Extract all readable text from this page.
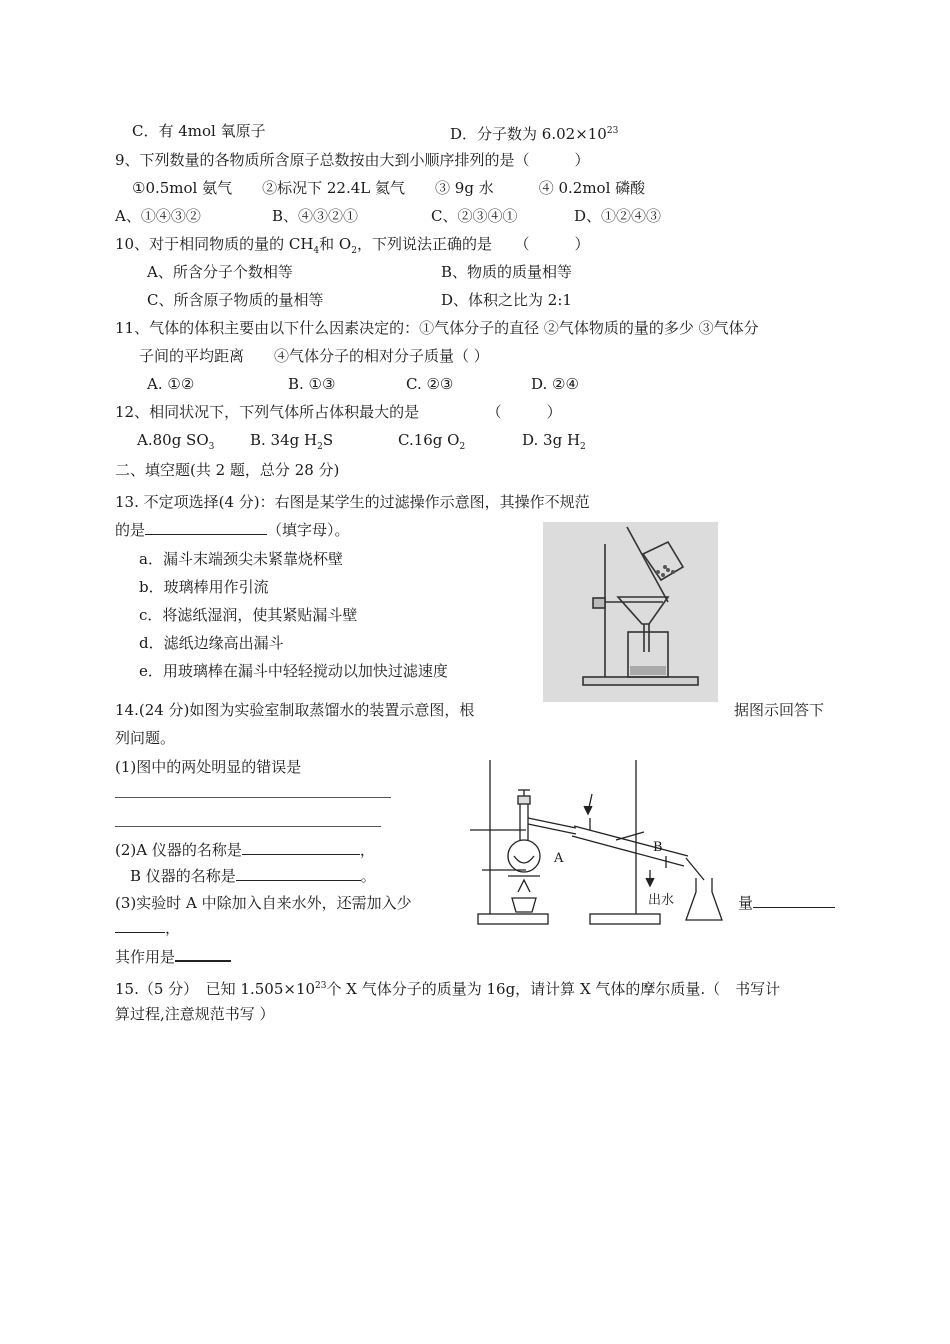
C．有 4mol 氧原子	D．分子数为 $6.02\times 10^{23}$
9、下列数量的各物质所含原子总数按由大到小顺序排列的是（　　　）
①0.5mol 氨气　　②标况下 22.4L 氦气　　③ 9g 水　　　④ 0.2mol 磷酸
A、①④③②	B、④③②①	C、②③④①	D、①②④③
10、对于相同物质的量的 $CH_4$和 $O_2$，下列说法正确的是　　（　　　）
A、所含分子个数相等	B、物质的质量相等
C、所含原子物质的量相等	D、体积之比为 2:1
11、气体的体积主要由以下什么因素决定的：①气体分子的直径 ②气体物质的量的多少 ③气体分
子间的平均距离　　④气体分子的相对分子质量（ ）
A. ①②	B. ①③	C. ②③	D. ②④
12、相同状况下，下列气体所占体积最大的是　　　　　（　　　）
A.80g $SO_3$ B. 34g $H_2S$	C.16g $O_2$	D. 3g $H_2$
二、填空题(共 2 题，总分 28 分)
13. 不定项选择(4 分)：右图是某学生的过滤操作示意图，其操作不规范
的是	（填字母）。
a．漏斗末端颈尖未紧靠烧杯壁
b．玻璃棒用作引流
c．将滤纸湿润，使其紧贴漏斗壁
d．滤纸边缘高出漏斗
e．用玻璃棒在漏斗中轻轻搅动以加快过滤速度
14.(24 分)如图为实验室制取蒸馏水的装置示意图，根	据图示回答下
列问题。
(1)图中的两处明显的错误是
(2)A 仪器的名称是	，
B 仪器的名称是	。
(3)实验时 A 中除加入自来水外，还需加入少	量
，
其作用是
A
B
出水
15.（5 分）　已知 $1.505\times 10^{23}$个 X 气体分子的质量为 16g，请计算 X 气体的摩尔质量.（　书写计
算过程,注意规范书写 ）
